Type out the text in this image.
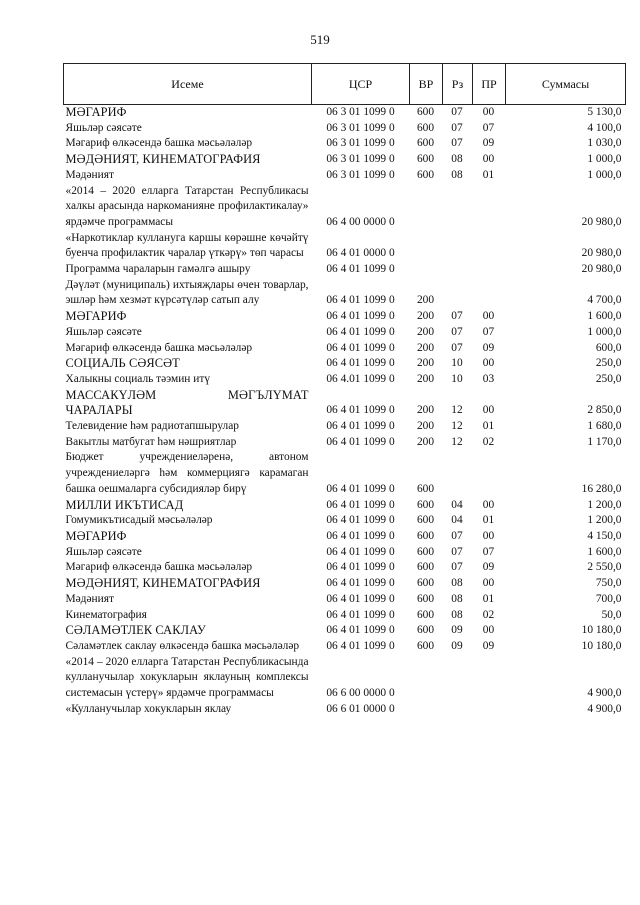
519
Исеме	ЦСР	ВР	Рз	ПР	Суммасы
МӘГАРИФ	06 3 01 1099 0	600	07	00	5 130,0
Яшьләр сәясәте	06 3 01 1099 0	600	07	07	4 100,0
Мәгариф өлкәсендә башка мәсьәләләр	06 3 01 1099 0	600	07	09	1 030,0
МӘДӘНИЯТ, КИНЕМАТОГРАФИЯ	06 3 01 1099 0	600	08	00	1 000,0
Мәдәният	06 3 01 1099 0	600	08	01	1 000,0
«2014 – 2020 елларга Татарстан Республикасы халкы арасында наркоманияне профилактикалау» ярдәмче программасы	06 4 00 0000 0				20 980,0
«Наркотиклар куллануга каршы көрәшне көчәйтү буенча профилактик чаралар үткәрү» төп чарасы	06 4 01 0000 0				20 980,0
Программа чараларын гамәлгә ашыру	06 4 01 1099 0				20 980,0
Дәүләт (муниципаль) ихтыяҗлары өчен товарлар, эшләр һәм хезмәт күрсәтүләр сатып алу	06 4 01 1099 0	200			4 700,0
МӘГАРИФ	06 4 01 1099 0	200	07	00	1 600,0
Яшьләр сәясәте	06 4 01 1099 0	200	07	07	1 000,0
Мәгариф өлкәсендә башка мәсьәләләр	06 4 01 1099 0	200	07	09	600,0
СОЦИАЛЬ СӘЯСӘТ	06 4 01 1099 0	200	10	00	250,0
Халыкны социаль тәэмин итү	06 4.01 1099 0	200	10	03	250,0
МАССАКҮЛӘМ МӘГЪЛҮМАТ ЧАРАЛАРЫ	06 4 01 1099 0	200	12	00	2 850,0
Телевидение һәм радиотапшырулар	06 4 01 1099 0	200	12	01	1 680,0
Вакытлы матбугат һәм нәшриятлар	06 4 01 1099 0	200	12	02	1 170,0
Бюджет учреждениеләренә, автоном учреждениеләргә һәм коммерциягә карамаган башка оешмаларга субсидияләр бирү	06 4 01 1099 0	600			16 280,0
МИЛЛИ ИКЪТИСАД	06 4 01 1099 0	600	04	00	1 200,0
Гомумикътисадый мәсьәләләр	06 4 01 1099 0	600	04	01	1 200,0
МӘГАРИФ	06 4 01 1099 0	600	07	00	4 150,0
Яшьләр сәясәте	06 4 01 1099 0	600	07	07	1 600,0
Мәгариф өлкәсендә башка мәсьәләләр	06 4 01 1099 0	600	07	09	2 550,0
МӘДӘНИЯТ, КИНЕМАТОГРАФИЯ	06 4 01 1099 0	600	08	00	750,0
Мәдәният	06 4 01 1099 0	600	08	01	700,0
Кинематография	06 4 01 1099 0	600	08	02	50,0
СӘЛАМӘТЛЕК САКЛАУ	06 4 01 1099 0	600	09	00	10 180,0
Сәламәтлек саклау өлкәсендә башка мәсьәләләр	06 4 01 1099 0	600	09	09	10 180,0
«2014 – 2020 елларга Татарстан Республикасында кулланучылар хокукларын яклауның комплексы системасын үстерү» ярдәмче программасы	06 6 00 0000 0				4 900,0
«Кулланучылар хокукларын яклау	06 6 01 0000 0				4 900,0
